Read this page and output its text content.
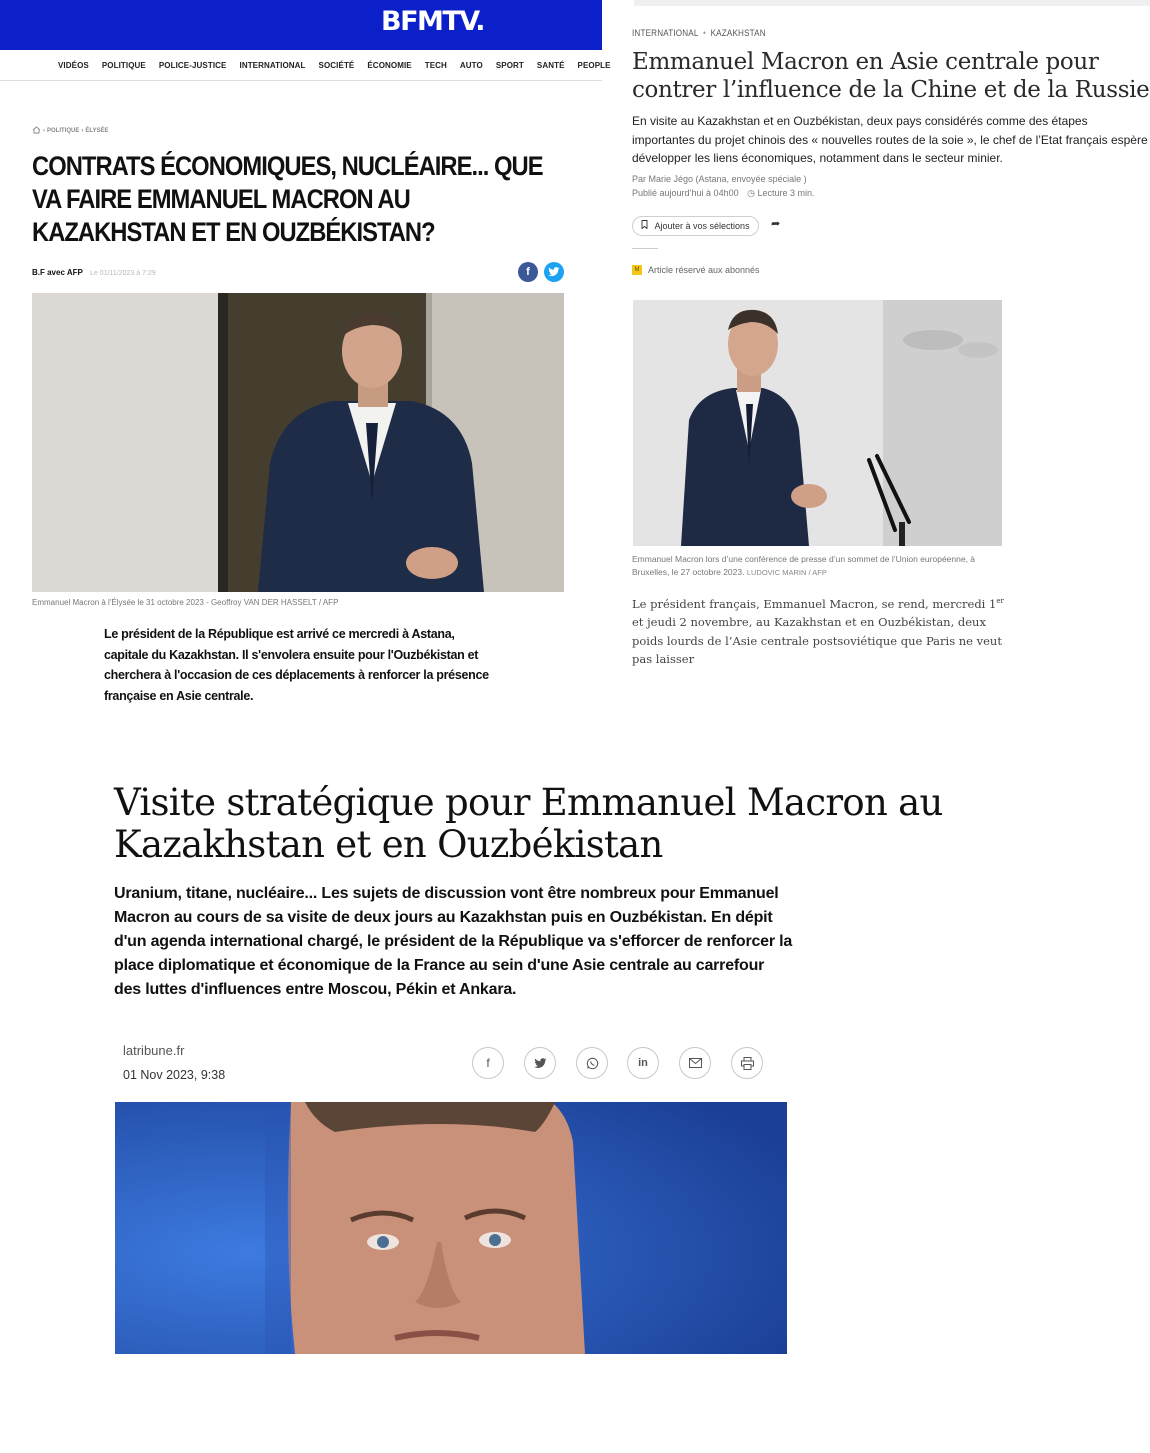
BFMTV.
VIDÉOS POLITIQUE POLICE-JUSTICE INTERNATIONAL SOCIÉTÉ ÉCONOMIE TECH AUTO SPORT SANTÉ PEOPLE
› POLITIQUE › ÉLYSÉE
CONTRATS ÉCONOMIQUES, NUCLÉAIRE... QUE
VA FAIRE EMMANUEL MACRON AU
KAZAKHSTAN ET EN OUZBÉKISTAN?
B.F avec AFP Le 01/11/2023 à 7:29	f
Emmanuel Macron à l'Élysée le 31 octobre 2023 - Geoffroy VAN DER HASSELT / AFP

Le président de la République est arrivé ce mercredi à Astana, capitale du Kazakhstan. Il s'envolera ensuite pour l'Ouzbékistan et cherchera à l'occasion de ces déplacements à renforcer la présence française en Asie centrale.

INTERNATIONAL • KAZAKHSTAN
Emmanuel Macron en Asie centrale pour contrer l’influence de la Chine et de la Russie

En visite au Kazakhstan et en Ouzbékistan, deux pays considérés comme des étapes importantes du projet chinois des « nouvelles routes de la soie », le chef de l’Etat français espère développer les liens économiques, notamment dans le secteur minier.

Par Marie Jégo (Astana, envoyée spéciale )
Publié aujourd’hui à 04h00 ◷ Lecture 3 min.
Ajouter à vos sélections	➦
M Article réservé aux abonnés

Emmanuel Macron lors d’une conférence de presse d’un sommet de l’Union européenne, à Bruxelles, le 27 octobre 2023. LUDOVIC MARIN / AFP

Le président français, Emmanuel Macron, se rend, mercredi 1er et jeudi 2 novembre, au Kazakhstan et en Ouzbékistan, deux poids lourds de l’Asie centrale postsoviétique que Paris ne veut pas laisser

Visite stratégique pour Emmanuel Macron au Kazakhstan et en Ouzbékistan

Uranium, titane, nucléaire... Les sujets de discussion vont être nombreux pour Emmanuel Macron au cours de sa visite de deux jours au Kazakhstan puis en Ouzbékistan. En dépit d'un agenda international chargé, le président de la République va s'efforcer de renforcer la place diplomatique et économique de la France au sein d'une Asie centrale au carrefour des luttes d'influences entre Moscou, Pékin et Ankara.

latribune.fr
01 Nov 2023, 9:38
f	in
